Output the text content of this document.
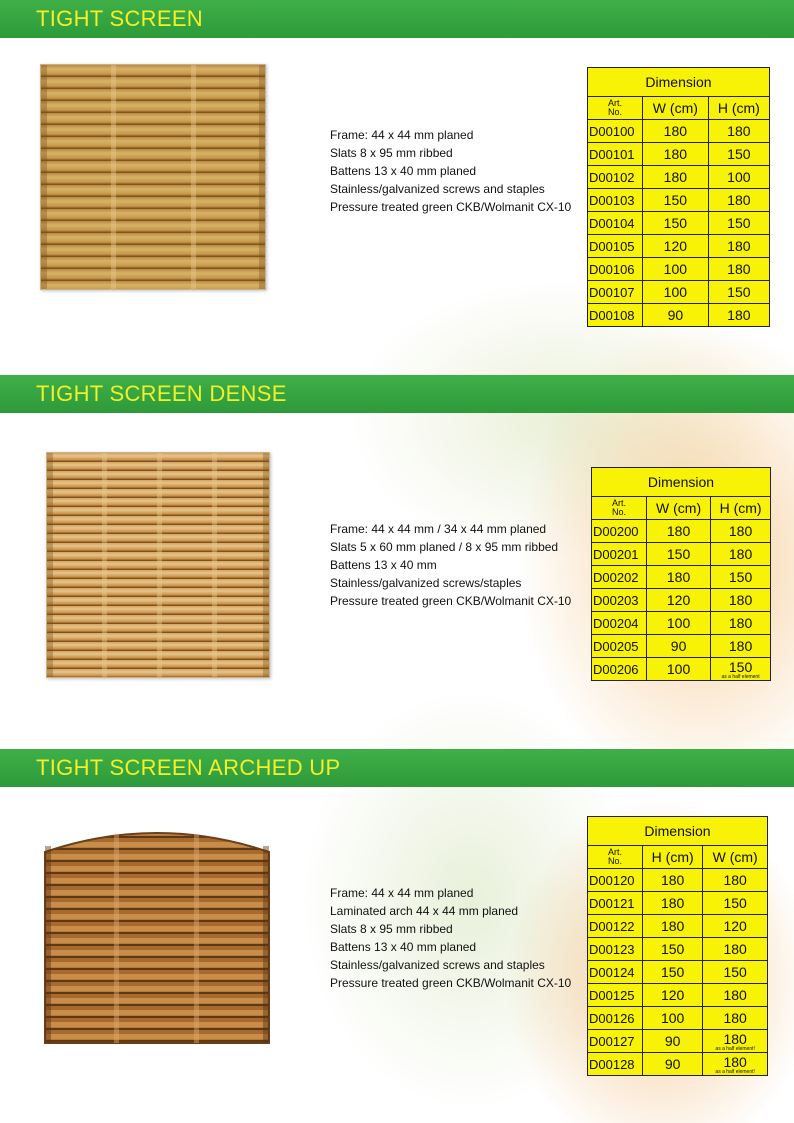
TIGHT SCREEN
Frame: 44 x 44 mm planed
Slats 8 x 95 mm ribbed
Battens 13 x 40 mm planed
Stainless/galvanized screws and staples
Pressure treated green CKB/Wolmanit CX-10
Dimension		
Art.
No.	W (cm)	H (cm)
D00100	180	180
D00101	180	150
D00102	180	100
D00103	150	180
D00104	150	150
D00105	120	180
D00106	100	180
D00107	100	150
D00108	90	180
TIGHT SCREEN DENSE
Frame: 44 x 44 mm / 34 x 44 mm planed
Slats 5 x 60 mm planed / 8 x 95 mm ribbed
Battens 13 x 40 mm
Stainless/galvanized screws/staples
Pressure treated green CKB/Wolmanit CX-10
Dimension		
Art.
No.	W (cm)	H (cm)
D00200	180	180
D00201	150	180
D00202	180	150
D00203	120	180
D00204	100	180
D00205	90	180
D00206	100	150
as a half element
TIGHT SCREEN ARCHED UP
Frame: 44 x 44 mm planed
Laminated arch 44 x 44 mm planed
Slats 8 x 95 mm ribbed
Battens 13 x 40 mm planed
Stainless/galvanized screws and staples
Pressure treated green CKB/Wolmanit CX-10
Dimension		
Art.
No.	H (cm)	W (cm)
D00120	180	180
D00121	180	150
D00122	180	120
D00123	150	180
D00124	150	150
D00125	120	180
D00126	100	180
D00127	90	180
as a half element!

D00128	90	180
as a half element!
